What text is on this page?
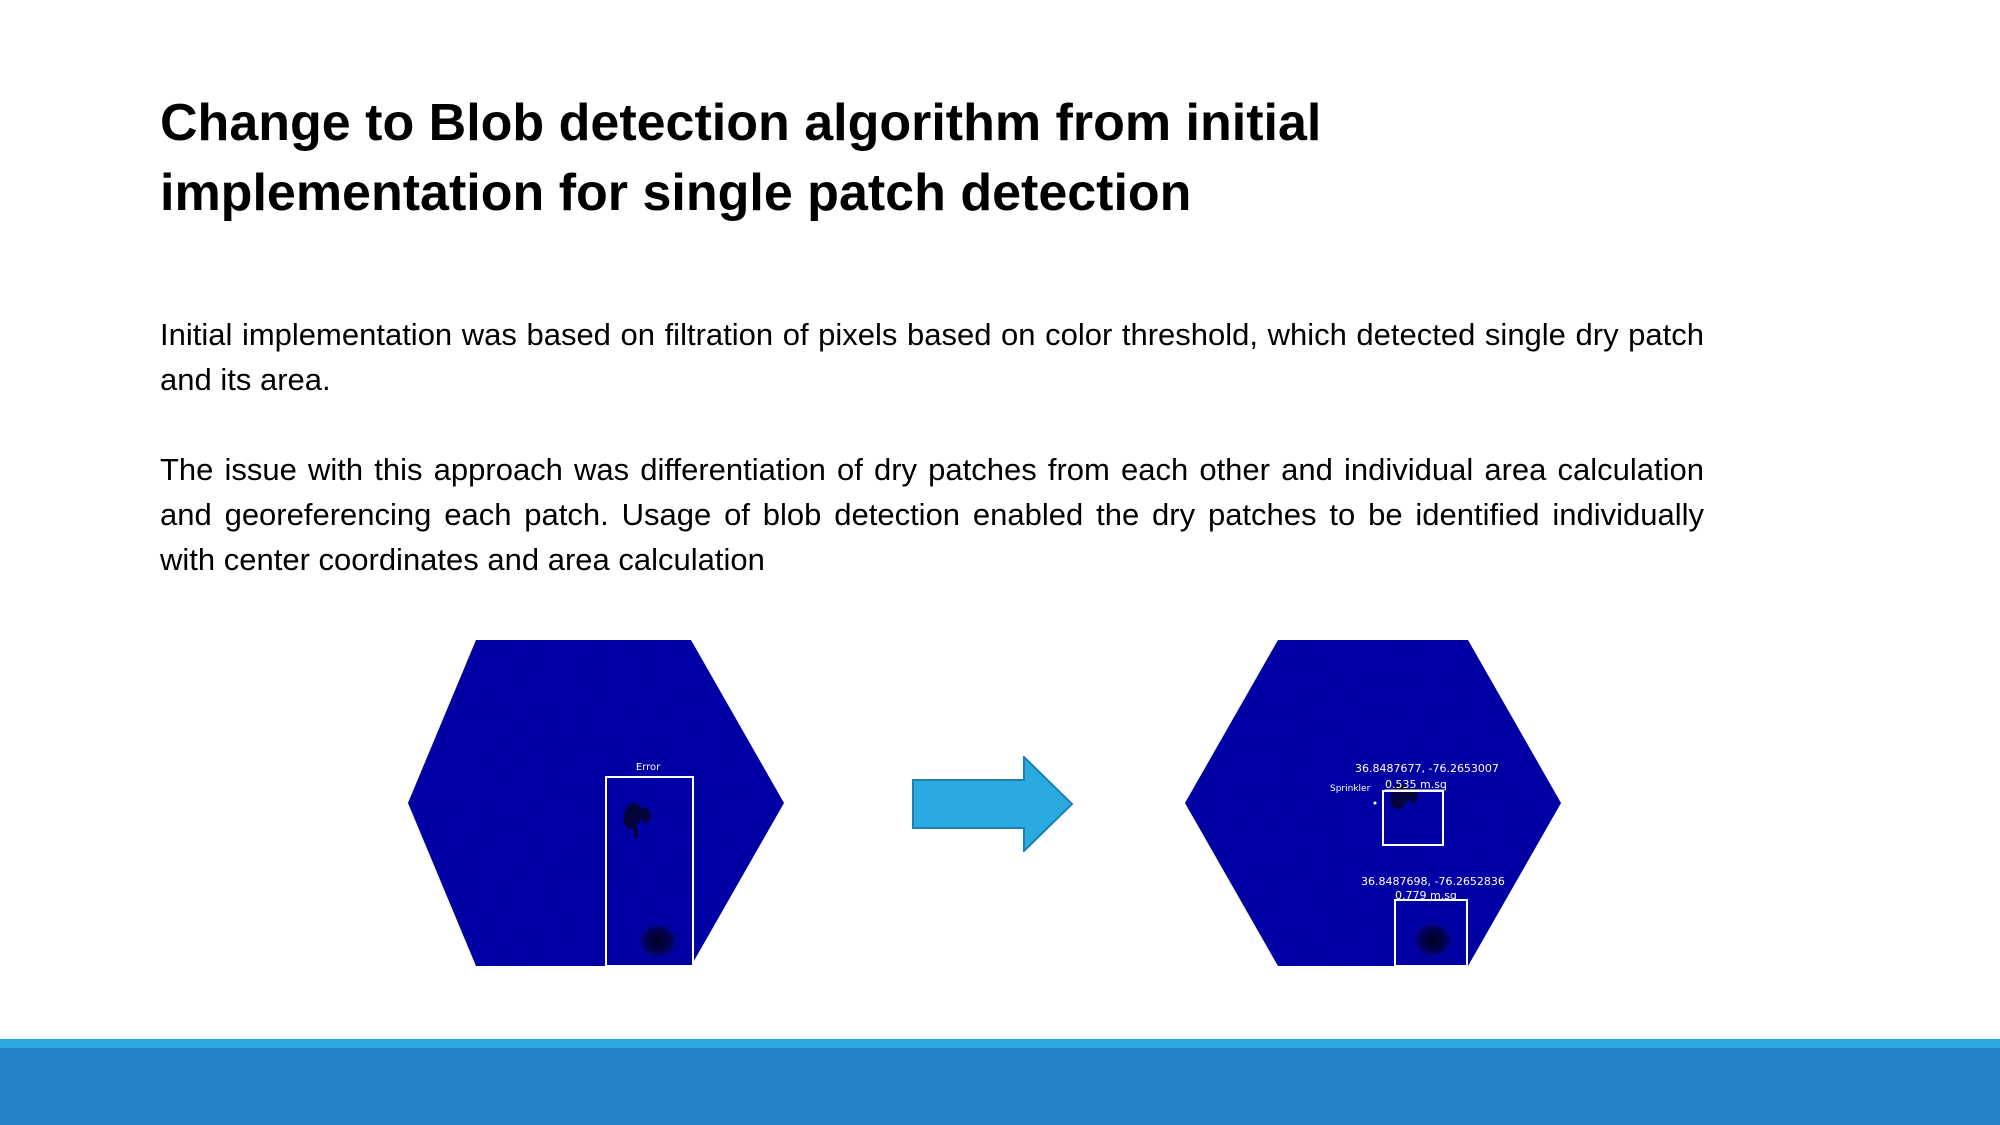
Change to Blob detection algorithm from initial implementation for single patch detection

Initial implementation was based on filtration of pixels based on color threshold, which detected single dry patch and its area.

The issue with this approach was differentiation of dry patches from each other and individual area calculation and georeferencing each patch. Usage of blob detection enabled the dry patches to be identified individually with center coordinates and area calculation

Error	36.8487677, -76.2653007
0.535 m.sq
Sprinkler
36.8487698, -76.2652836
0.779 m.sq
